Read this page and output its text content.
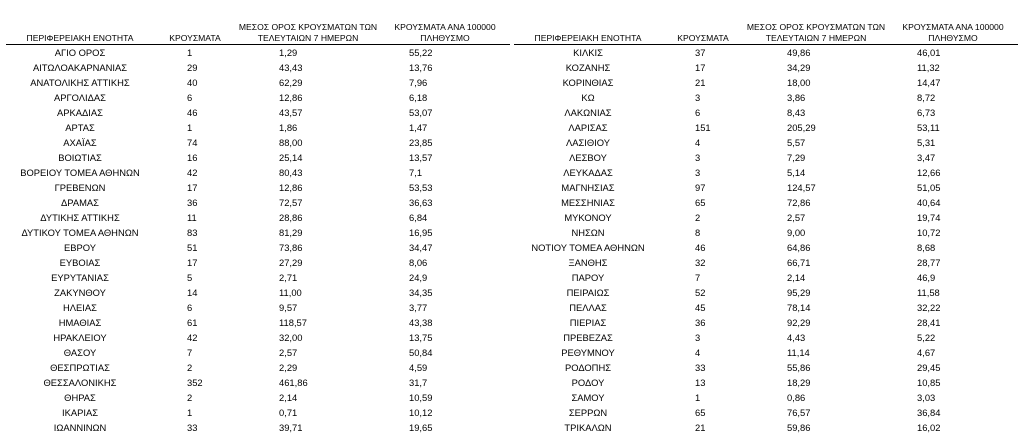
ΠΕΡΙΦΕΡΕΙΑΚΗ ΕΝΟΤΗΤΑ	ΚΡΟΥΣΜΑΤΑ	ΜΕΣΟΣ ΟΡΟΣ ΚΡΟΥΣΜΑΤΩΝ ΤΩΝ ΤΕΛΕΥΤΑΙΩΝ 7 ΗΜΕΡΩΝ	ΚΡΟΥΣΜΑΤΑ ΑΝΑ 100000 ΠΛΗΘΥΣΜΟ
ΑΓΙΟ ΟΡΟΣ	1	1,29	55,22
ΑΙΤΩΛΟΑΚΑΡΝΑΝΙΑΣ	29	43,43	13,76
ΑΝΑΤΟΛΙΚΗΣ ΑΤΤΙΚΗΣ	40	62,29	7,96
ΑΡΓΟΛΙΔΑΣ	6	12,86	6,18
ΑΡΚΑΔΙΑΣ	46	43,57	53,07
ΑΡΤΑΣ	1	1,86	1,47
ΑΧΑΪΑΣ	74	88,00	23,85
ΒΟΙΩΤΙΑΣ	16	25,14	13,57
ΒΟΡΕΙΟΥ ΤΟΜΕΑ ΑΘΗΝΩΝ	42	80,43	7,1
ΓΡΕΒΕΝΩΝ	17	12,86	53,53
ΔΡΑΜΑΣ	36	72,57	36,63
ΔΥΤΙΚΗΣ ΑΤΤΙΚΗΣ	11	28,86	6,84
ΔΥΤΙΚΟΥ ΤΟΜΕΑ ΑΘΗΝΩΝ	83	81,29	16,95
ΕΒΡΟΥ	51	73,86	34,47
ΕΥΒΟΙΑΣ	17	27,29	8,06
ΕΥΡΥΤΑΝΙΑΣ	5	2,71	24,9
ΖΑΚΥΝΘΟΥ	14	11,00	34,35
ΗΛΕΙΑΣ	6	9,57	3,77
ΗΜΑΘΙΑΣ	61	118,57	43,38
ΗΡΑΚΛΕΙΟΥ	42	32,00	13,75
ΘΑΣΟΥ	7	2,57	50,84
ΘΕΣΠΡΩΤΙΑΣ	2	2,29	4,59
ΘΕΣΣΑΛΟΝΙΚΗΣ	352	461,86	31,7
ΘΗΡΑΣ	2	2,14	10,59
ΙΚΑΡΙΑΣ	1	0,71	10,12
ΙΩΑΝΝΙΝΩΝ	33	39,71	19,65
ΠΕΡΙΦΕΡΕΙΑΚΗ ΕΝΟΤΗΤΑ	ΚΡΟΥΣΜΑΤΑ	ΜΕΣΟΣ ΟΡΟΣ ΚΡΟΥΣΜΑΤΩΝ ΤΩΝ ΤΕΛΕΥΤΑΙΩΝ 7 ΗΜΕΡΩΝ	ΚΡΟΥΣΜΑΤΑ ΑΝΑ 100000 ΠΛΗΘΥΣΜΟ
ΚΙΛΚΙΣ	37	49,86	46,01
ΚΟΖΑΝΗΣ	17	34,29	11,32
ΚΟΡΙΝΘΙΑΣ	21	18,00	14,47
ΚΩ	3	3,86	8,72
ΛΑΚΩΝΙΑΣ	6	8,43	6,73
ΛΑΡΙΣΑΣ	151	205,29	53,11
ΛΑΣΙΘΙΟΥ	4	5,57	5,31
ΛΕΣΒΟΥ	3	7,29	3,47
ΛΕΥΚΑΔΑΣ	3	5,14	12,66
ΜΑΓΝΗΣΙΑΣ	97	124,57	51,05
ΜΕΣΣΗΝΙΑΣ	65	72,86	40,64
ΜΥΚΟΝΟΥ	2	2,57	19,74
ΝΗΣΩΝ	8	9,00	10,72
ΝΟΤΙΟΥ ΤΟΜΕΑ ΑΘΗΝΩΝ	46	64,86	8,68
ΞΑΝΘΗΣ	32	66,71	28,77
ΠΑΡΟΥ	7	2,14	46,9
ΠΕΙΡΑΙΩΣ	52	95,29	11,58
ΠΕΛΛΑΣ	45	78,14	32,22
ΠΙΕΡΙΑΣ	36	92,29	28,41
ΠΡΕΒΕΖΑΣ	3	4,43	5,22
ΡΕΘΥΜΝΟΥ	4	11,14	4,67
ΡΟΔΟΠΗΣ	33	55,86	29,45
ΡΟΔΟΥ	13	18,29	10,85
ΣΑΜΟΥ	1	0,86	3,03
ΣΕΡΡΩΝ	65	76,57	36,84
ΤΡΙΚΑΛΩΝ	21	59,86	16,02
